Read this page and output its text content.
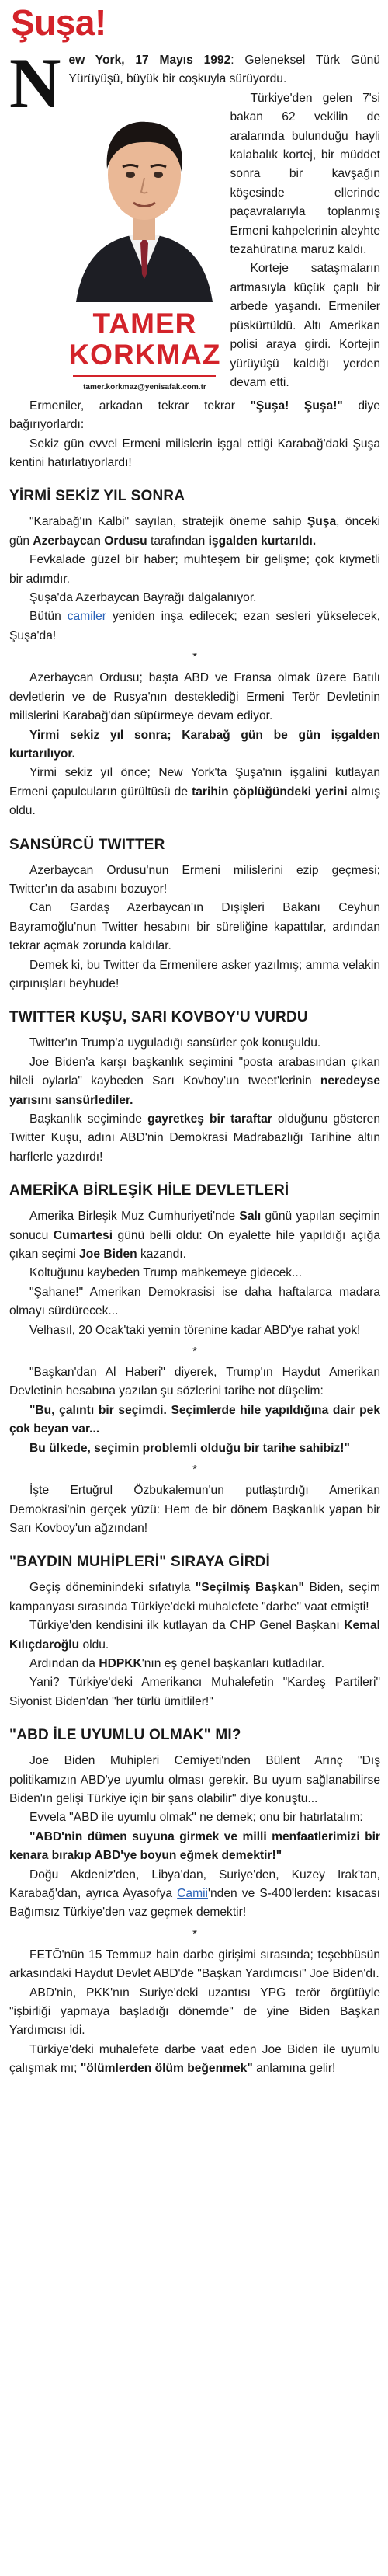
Şuşa!
N ew York, 17 Mayıs 1992: Geleneksel Türk Günü Yürüyüşü, büyük bir coşkuyla sürüyordu.

TAMER
KORKMAZ
tamer.korkmaz@yenisafak.com.tr

Türkiye'den gelen 7'si bakan 62 vekilin de aralarında bulunduğu hayli kalabalık kortej, bir müddet sonra bir kavşağın köşesinde ellerinde paçavralarıyla toplanmış Ermeni kahpelerinin aleyhte tezahüratına maruz kaldı.

Korteje sataşmaların artmasıyla küçük çaplı bir arbede yaşandı. Ermeniler püskürtüldü. Altı Amerikan polisi araya girdi. Kortejin yürüyüşü kaldığı yerden devam etti.

Ermeniler, arkadan tekrar tekrar "Şuşa! Şuşa!" diye bağırıyorlardı:

Sekiz gün evvel Ermeni milislerin işgal ettiği Karabağ'daki Şuşa kentini hatırlatıyorlardı!

YİRMİ SEKİZ YIL SONRA

"Karabağ'ın Kalbi" sayılan, stratejik öneme sahip Şuşa, önceki gün Azerbaycan Ordusu tarafından işgalden kurtarıldı.

Fevkalade güzel bir haber; muhteşem bir gelişme; çok kıymetli bir adımdır.

Şuşa'da Azerbaycan Bayrağı dalgalanıyor.

Bütün camiler yeniden inşa edilecek; ezan sesleri yükselecek, Şuşa'da!

*

Azerbaycan Ordusu; başta ABD ve Fransa olmak üzere Batılı devletlerin ve de Rusya'nın desteklediği Ermeni Terör Devletinin milislerini Karabağ'dan süpürmeye devam ediyor.

Yirmi sekiz yıl sonra; Karabağ gün be gün işgalden kurtarılıyor.

Yirmi sekiz yıl önce; New York'ta Şuşa'nın işgalini kutlayan Ermeni çapulcuların gürültüsü de tarihin çöplüğündeki yerini almış oldu.

SANSÜRCÜ TWITTER

Azerbaycan Ordusu'nun Ermeni milislerini ezip geçmesi; Twitter'ın da asabını bozuyor!

Can Gardaş Azerbaycan'ın Dışişleri Bakanı Ceyhun Bayramoğlu'nun Twitter hesabını bir süreliğine kapattılar, ardından tekrar açmak zorunda kaldılar.

Demek ki, bu Twitter da Ermenilere asker yazılmış; amma velakin çırpınışları beyhude!

TWITTER KUŞU, SARI KOVBOY'U VURDU

Twitter'ın Trump'a uyguladığı sansürler çok konuşuldu.

Joe Biden'a karşı başkanlık seçimini "posta arabasından çıkan hileli oylarla" kaybeden Sarı Kovboy'un tweet'lerinin neredeyse yarısını sansürlediler.

Başkanlık seçiminde gayretkeş bir taraftar olduğunu gösteren Twitter Kuşu, adını ABD'nin Demokrasi Madrabazlığı Tarihine altın harflerle yazdırdı!

AMERİKA BİRLEŞİK HİLE DEVLETLERİ

Amerika Birleşik Muz Cumhuriyeti'nde Salı günü yapılan seçimin sonucu Cumartesi günü belli oldu: On eyalette hile yapıldığı açığa çıkan seçimi Joe Biden kazandı.

Koltuğunu kaybeden Trump mahkemeye gidecek...

"Şahane!" Amerikan Demokrasisi ise daha haftalarca madara olmayı sürdürecek...

Velhasıl, 20 Ocak'taki yemin törenine kadar ABD'ye rahat yok!

*

"Başkan'dan Al Haberi" diyerek, Trump'ın Haydut Amerikan Devletinin hesabına yazılan şu sözlerini tarihe not düşelim:

"Bu, çalıntı bir seçimdi. Seçimlerde hile yapıldığına dair pek çok beyan var...

Bu ülkede, seçimin problemli olduğu bir tarihe sahibiz!"

*

İşte Ertuğrul Özbukalemun'un putlaştırdığı Amerikan Demokrasi'nin gerçek yüzü: Hem de bir dönem Başkanlık yapan bir Sarı Kovboy'un ağzından!

"BAYDIN MUHİPLERİ" SIRAYA GİRDİ

Geçiş döneminindeki sıfatıyla "Seçilmiş Başkan" Biden, seçim kampanyası sırasında Türkiye'deki muhalefete "darbe" vaat etmişti!

Türkiye'den kendisini ilk kutlayan da CHP Genel Başkanı Kemal Kılıçdaroğlu oldu.

Ardından da HDPKK'nın eş genel başkanları kutladılar.

Yani? Türkiye'deki Amerikancı Muhalefetin "Kardeş Partileri" Siyonist Biden'dan "her türlü ümitliler!"

"ABD İLE UYUMLU OLMAK" MI?

Joe Biden Muhipleri Cemiyeti'nden Bülent Arınç "Dış politikamızın ABD'ye uyumlu olması gerekir. Bu uyum sağlanabilirse Biden'ın gelişi Türkiye için bir şans olabilir" diye konuştu...

Evvela "ABD ile uyumlu olmak" ne demek; onu bir hatırlatalım:

"ABD'nin dümen suyuna girmek ve milli menfaatlerimizi bir kenara bırakıp ABD'ye boyun eğmek demektir!"

Doğu Akdeniz'den, Libya'dan, Suriye'den, Kuzey Irak'tan, Karabağ'dan, ayrıca Ayasofya Camii'nden ve S-400'lerden: kısacası Bağımsız Türkiye'den vaz geçmek demektir!

*

FETÖ'nün 15 Temmuz hain darbe girişimi sırasında; teşebbüsün arkasındaki Haydut Devlet ABD'de "Başkan Yardımcısı" Joe Biden'dı.

ABD'nin, PKK'nın Suriye'deki uzantısı YPG terör örgütüyle "işbirliği yapmaya başladığı dönemde" de yine Biden Başkan Yardımcısı idi.

Türkiye'deki muhalefete darbe vaat eden Joe Biden ile uyumlu çalışmak mı; "ölümlerden ölüm beğenmek" anlamına gelir!
